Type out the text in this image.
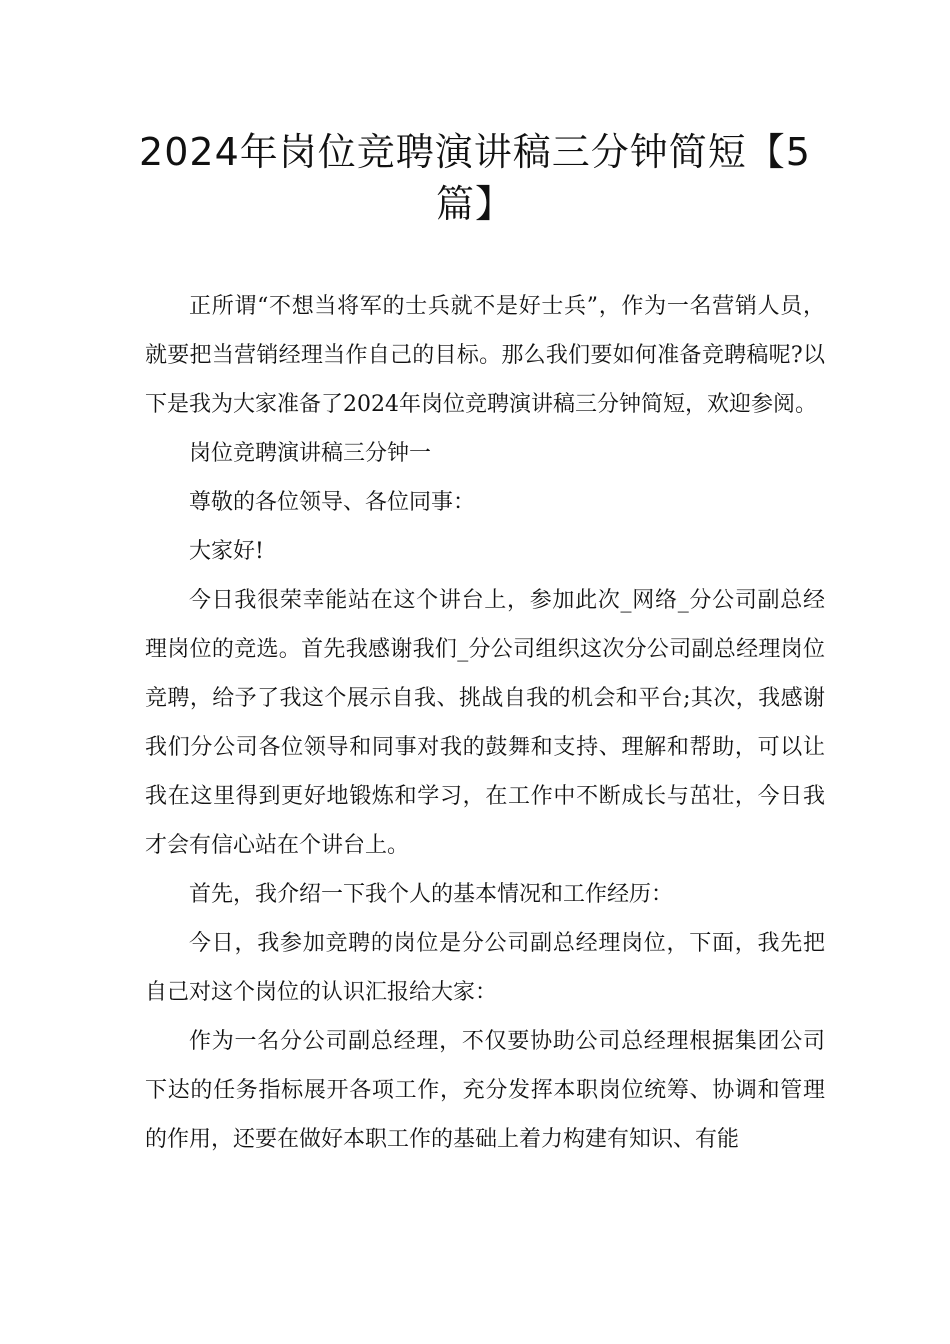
2024年岗位竞聘演讲稿三分钟简短【5
篇】

正所谓“不想当将军的士兵就不是好士兵”，作为一名营销人员，就要把当营销经理当作自己的目标。那么我们要如何准备竞聘稿呢?以下是我为大家准备了2024年岗位竞聘演讲稿三分钟简短，欢迎参阅。

岗位竞聘演讲稿三分钟一

尊敬的各位领导、各位同事：

大家好!

今日我很荣幸能站在这个讲台上，参加此次_网络_分公司副总经理岗位的竞选。首先我感谢我们_分公司组织这次分公司副总经理岗位竞聘，给予了我这个展示自我、挑战自我的机会和平台;其次，我感谢我们分公司各位领导和同事对我的鼓舞和支持、理解和帮助，可以让我在这里得到更好地锻炼和学习，在工作中不断成长与茁壮，今日我才会有信心站在个讲台上。

首先，我介绍一下我个人的基本情况和工作经历：

今日，我参加竞聘的岗位是分公司副总经理岗位，下面，我先把自己对这个岗位的认识汇报给大家：

作为一名分公司副总经理，不仅要协助公司总经理根据集团公司下达的任务指标展开各项工作，充分发挥本职岗位统筹、协调和管理的作用，还要在做好本职工作的基础上着力构建有知识、有能
